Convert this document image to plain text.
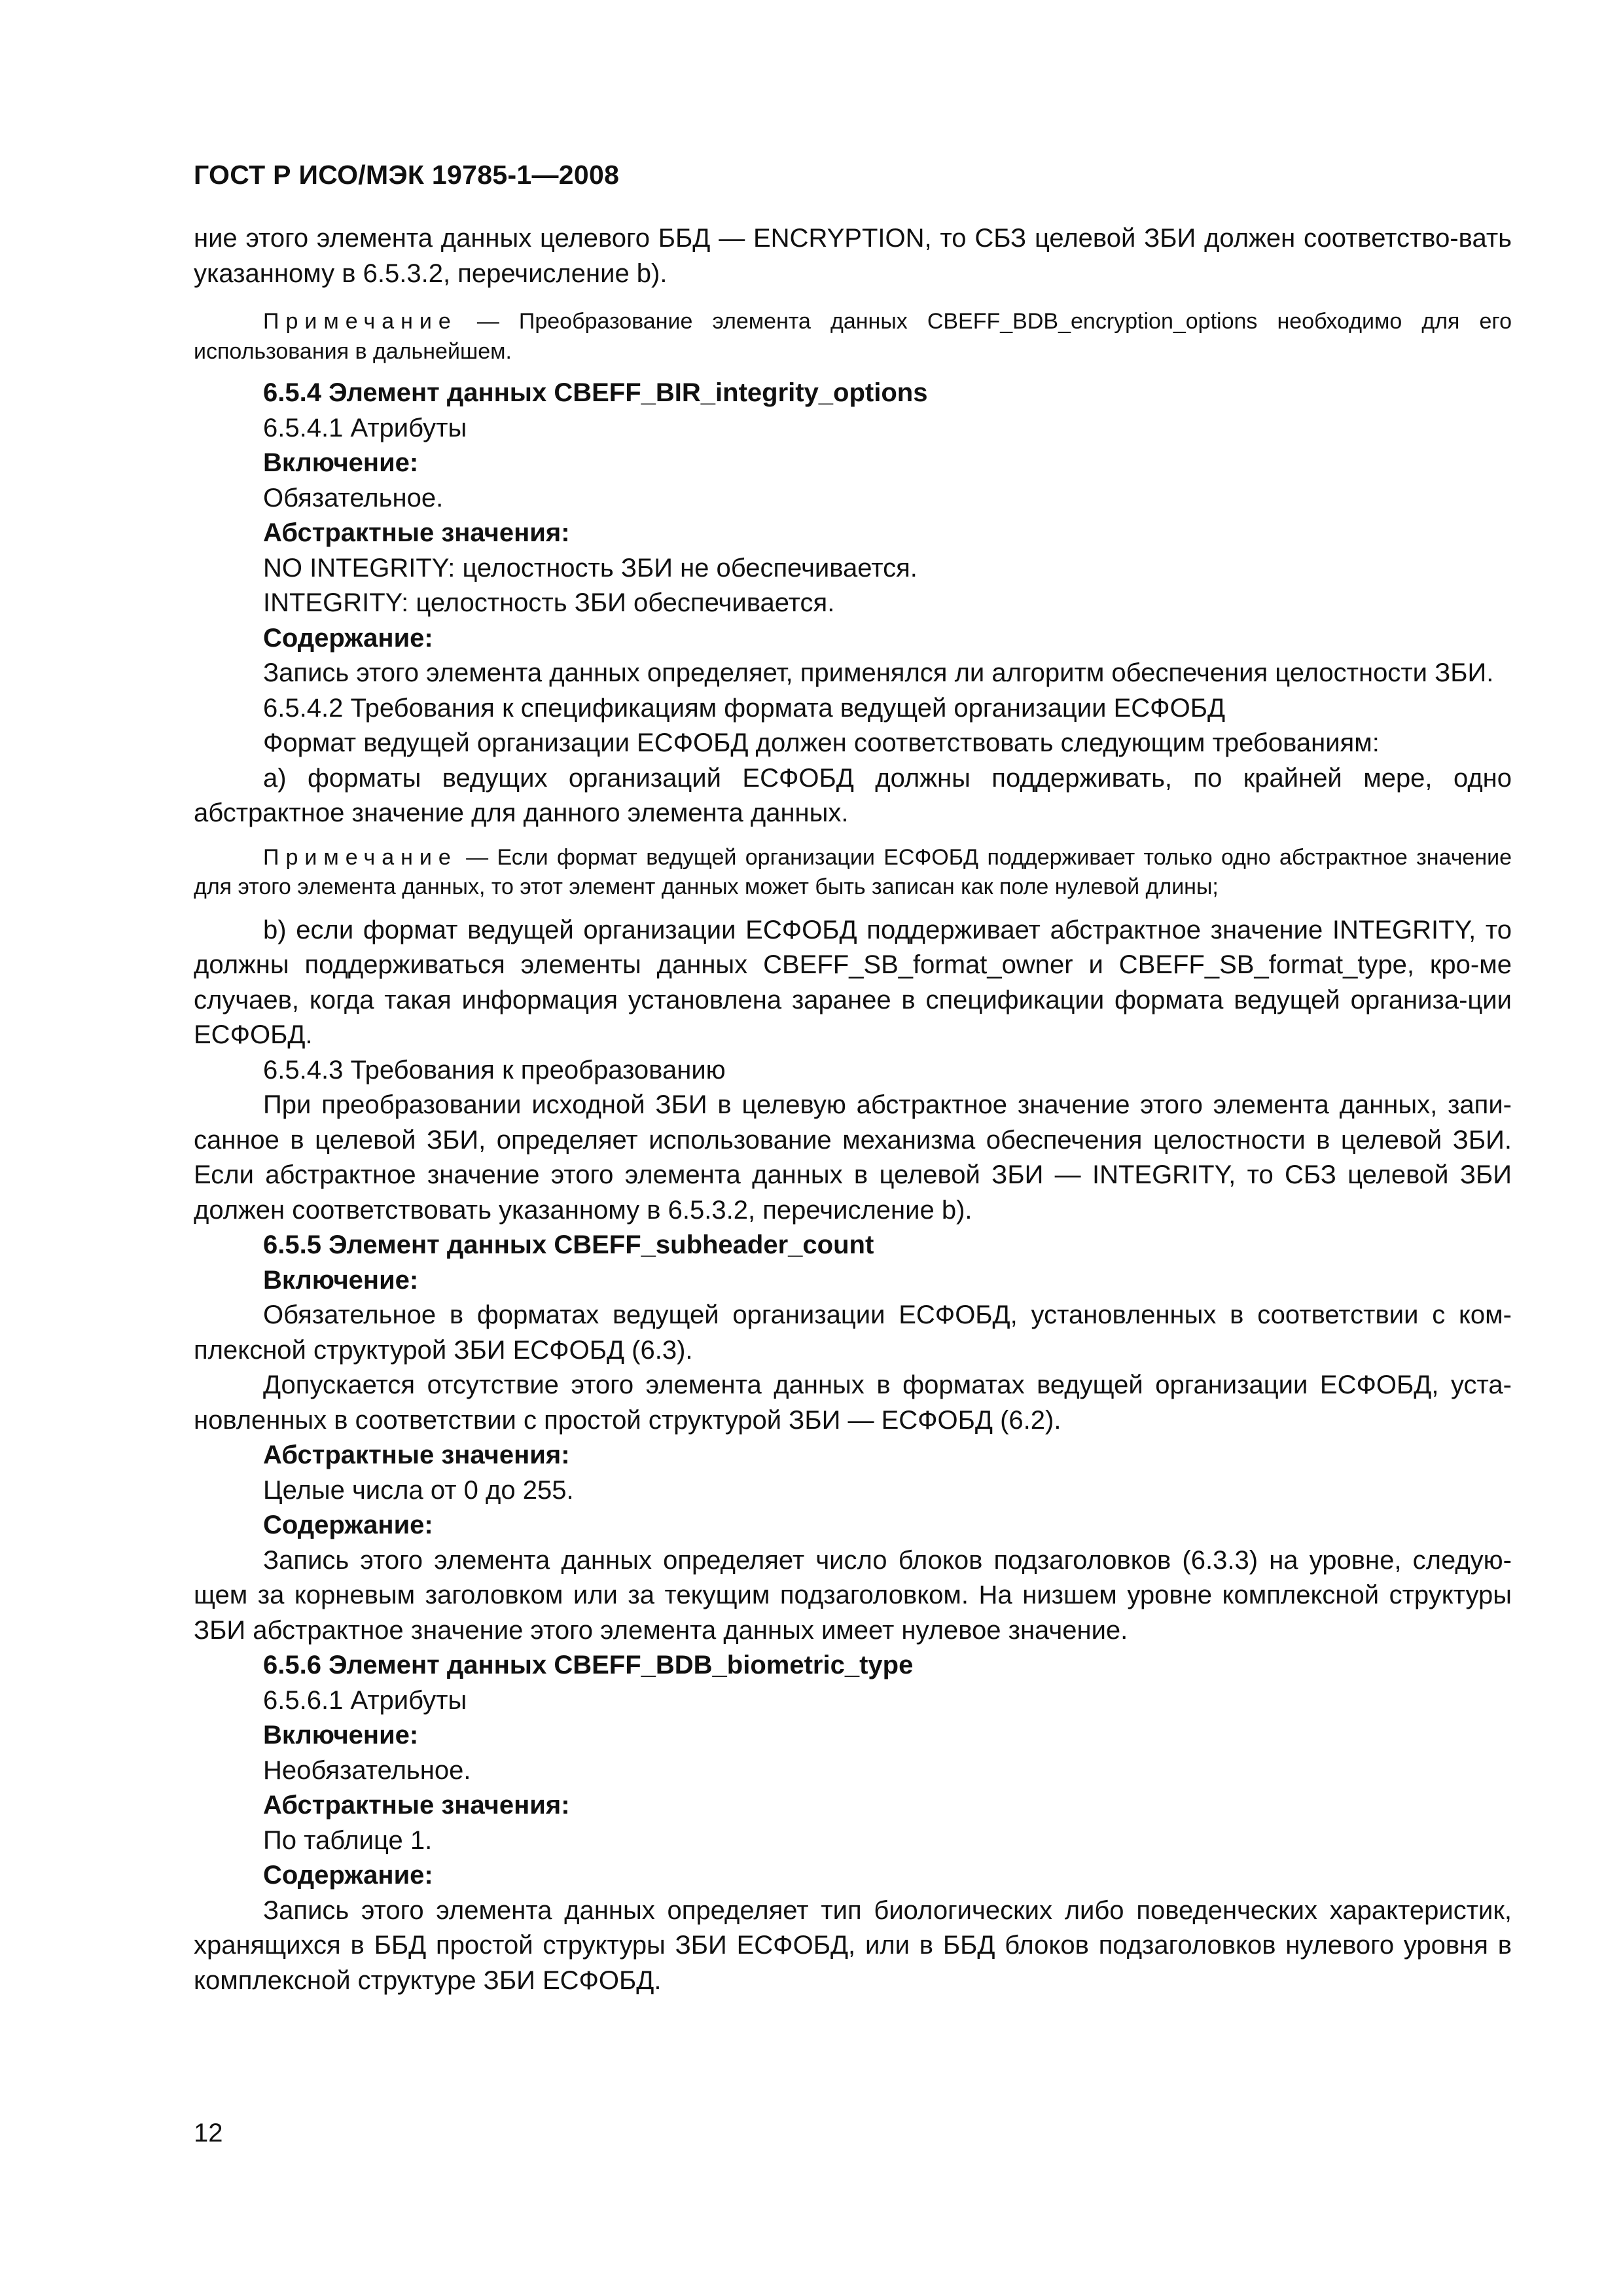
ГОСТ Р ИСО/МЭК 19785-1—2008

ние этого элемента данных целевого ББД — ENCRYPTION, то СБЗ целевой ЗБИ должен соответство-вать указанному в 6.5.3.2, перечисление b).

Примечание — Преобразование элемента данных CBEFF_BDB_encryption_options необходимо для его использования в дальнейшем.

6.5.4 Элемент данных CBEFF_BIR_integrity_options

6.5.4.1 Атрибуты

Включение:

Обязательное.

Абстрактные значения:

NO INTEGRITY: целостность ЗБИ не обеспечивается.

INTEGRITY: целостность ЗБИ обеспечивается.

Содержание:

Запись этого элемента данных определяет, применялся ли алгоритм обеспечения целостности ЗБИ.

6.5.4.2 Требования к спецификациям формата ведущей организации ЕСФОБД

Формат ведущей организации ЕСФОБД должен соответствовать следующим требованиям:

a) форматы ведущих организаций ЕСФОБД должны поддерживать, по крайней мере, одно абстрактное значение для данного элемента данных.

Примечание — Если формат ведущей организации ЕСФОБД поддерживает только одно абстрактное значение для этого элемента данных, то этот элемент данных может быть записан как поле нулевой длины;

b) если формат ведущей организации ЕСФОБД поддерживает абстрактное значение INTEGRITY, то должны поддерживаться элементы данных CBEFF_SB_format_owner и CBEFF_SB_format_type, кро-ме случаев, когда такая информация установлена заранее в спецификации формата ведущей организа-ции ЕСФОБД.

6.5.4.3 Требования к преобразованию

При преобразовании исходной ЗБИ в целевую абстрактное значение этого элемента данных, запи-санное в целевой ЗБИ, определяет использование механизма обеспечения целостности в целевой ЗБИ. Если абстрактное значение этого элемента данных в целевой ЗБИ — INTEGRITY, то СБЗ целевой ЗБИ должен соответствовать указанному в 6.5.3.2, перечисление b).

6.5.5 Элемент данных CBEFF_subheader_count

Включение:

Обязательное в форматах ведущей организации ЕСФОБД, установленных в соответствии с ком-плексной структурой ЗБИ ЕСФОБД (6.3).

Допускается отсутствие этого элемента данных в форматах ведущей организации ЕСФОБД, уста-новленных в соответствии с простой структурой ЗБИ — ЕСФОБД (6.2).

Абстрактные значения:

Целые числа от 0 до 255.

Содержание:

Запись этого элемента данных определяет число блоков подзаголовков (6.3.3) на уровне, следую-щем за корневым заголовком или за текущим подзаголовком. На низшем уровне комплексной структуры ЗБИ абстрактное значение этого элемента данных имеет нулевое значение.

6.5.6 Элемент данных CBEFF_BDB_biometric_type

6.5.6.1 Атрибуты

Включение:

Необязательное.

Абстрактные значения:

По таблице 1.

Содержание:

Запись этого элемента данных определяет тип биологических либо поведенческих характеристик, хранящихся в ББД простой структуры ЗБИ ЕСФОБД, или в ББД блоков подзаголовков нулевого уровня в комплексной структуре ЗБИ ЕСФОБД.

12
